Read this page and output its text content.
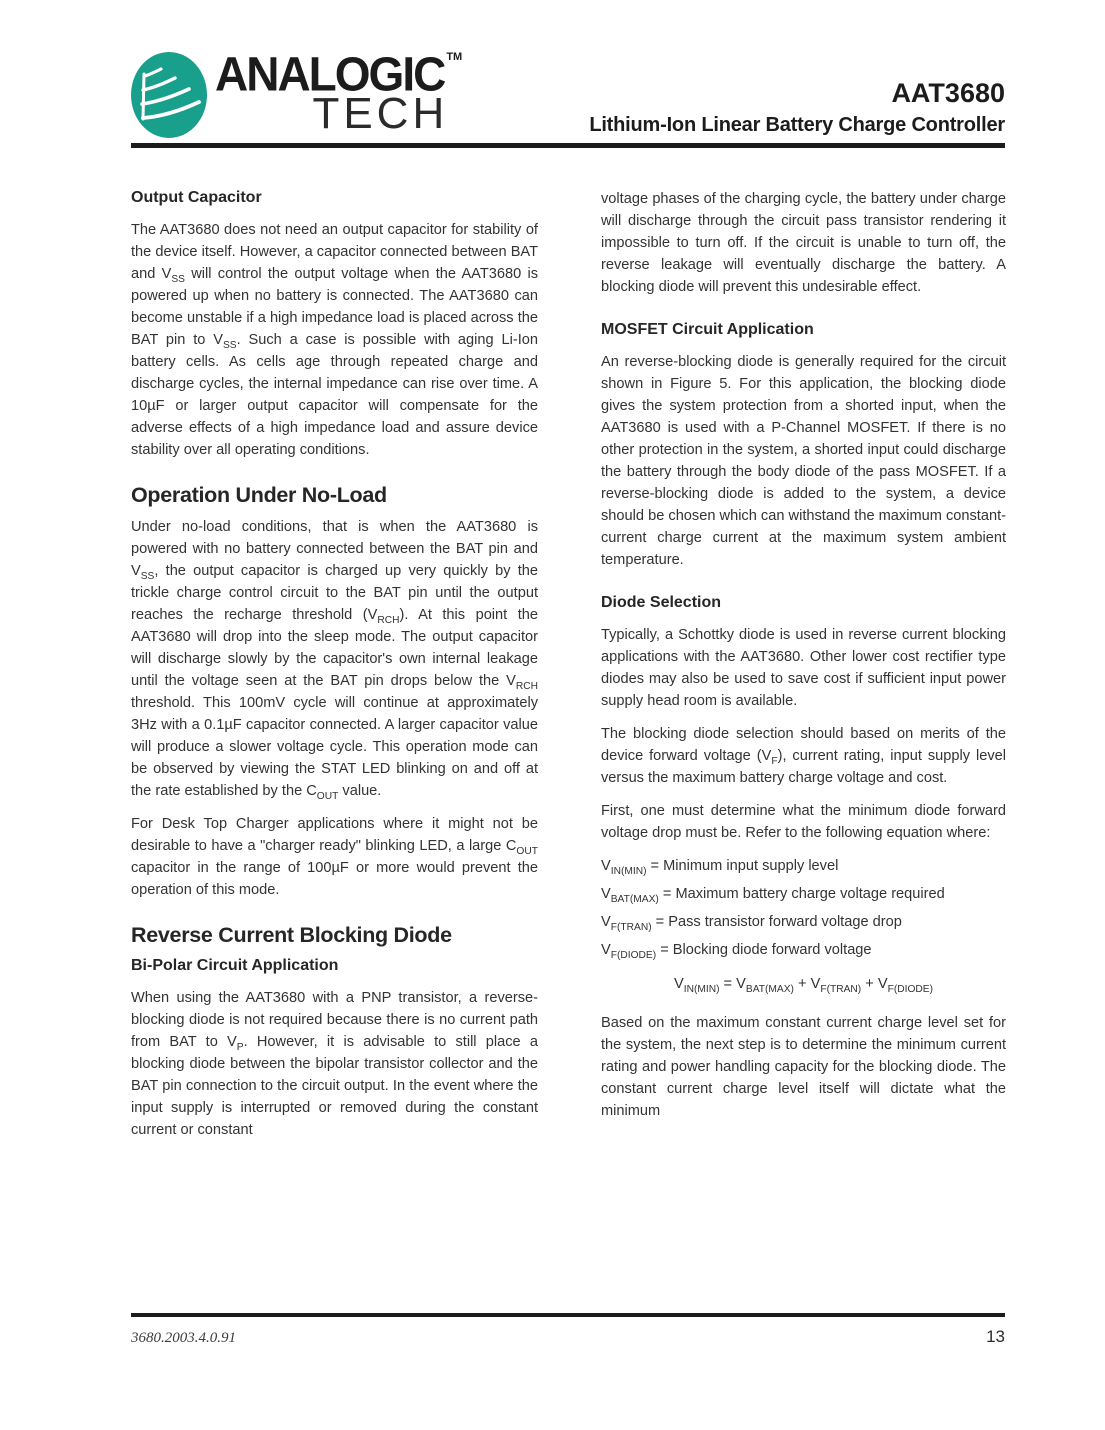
ANALOGIC TM
TECH	AAT3680
Lithium-Ion Linear Battery Charge Controller
Output Capacitor

The AAT3680 does not need an output capacitor for stability of the device itself. However, a capacitor connected between BAT and $V_{SS}$ will control the output voltage when the AAT3680 is powered up when no battery is connected. The AAT3680 can become unstable if a high impedance load is placed across the BAT pin to $V_{SS}$. Such a case is possible with aging Li-Ion battery cells. As cells age through repeated charge and discharge cycles, the internal impedance can rise over time. A 10µF or larger output capacitor will compensate for the adverse effects of a high impedance load and assure device stability over all operating conditions.

Operation Under No-Load

Under no-load conditions, that is when the AAT3680 is powered with no battery connected between the BAT pin and $V_{SS}$, the output capacitor is charged up very quickly by the trickle charge control circuit to the BAT pin until the output reaches the recharge threshold $(V_{RCH})$. At this point the AAT3680 will drop into the sleep mode. The output capacitor will discharge slowly by the capacitor's own internal leakage until the voltage seen at the BAT pin drops below the $V_{RCH}$ threshold. This 100mV cycle will continue at approximately 3Hz with a 0.1µF capacitor connected. A larger capacitor value will produce a slower voltage cycle. This operation mode can be observed by viewing the STAT LED blinking on and off at the rate established by the $C_{OUT}$ value.

For Desk Top Charger applications where it might not be desirable to have a "charger ready" blinking LED, a large $C_{OUT}$ capacitor in the range of 100µF or more would prevent the operation of this mode.

Reverse Current Blocking Diode
Bi-Polar Circuit Application

When using the AAT3680 with a PNP transistor, a reverse-blocking diode is not required because there is no current path from BAT to $V_P$. However, it is advisable to still place a blocking diode between the bipolar transistor collector and the BAT pin connection to the circuit output. In the event where the input supply is interrupted or removed during the constant current or constant

voltage phases of the charging cycle, the battery under charge will discharge through the circuit pass transistor rendering it impossible to turn off. If the circuit is unable to turn off, the reverse leakage will eventually discharge the battery. A blocking diode will prevent this undesirable effect.

MOSFET Circuit Application

An reverse-blocking diode is generally required for the circuit shown in Figure 5. For this application, the blocking diode gives the system protection from a shorted input, when the AAT3680 is used with a P-Channel MOSFET. If there is no other protection in the system, a shorted input could discharge the battery through the body diode of the pass MOSFET. If a reverse-blocking diode is added to the system, a device should be chosen which can withstand the maximum constant- current charge current at the maximum system ambient temperature.

Diode Selection

Typically, a Schottky diode is used in reverse current blocking applications with the AAT3680. Other lower cost rectifier type diodes may also be used to save cost if sufficient input power supply head room is available.

The blocking diode selection should based on merits of the device forward voltage $(V_F)$, current rating, input supply level versus the maximum battery charge voltage and cost.

First, one must determine what the minimum diode forward voltage drop must be. Refer to the following equation where:

$V_{IN(MIN)}$ = Minimum input supply level

$V_{BAT(MAX)}$ = Maximum battery charge voltage required

$V_{F(TRAN)}$ = Pass transistor forward voltage drop

$V_{F(DIODE)}$ = Blocking diode forward voltage

$V_{IN(MIN)} = V_{BAT(MAX)} + V_{F(TRAN)} + V_{F(DIODE)}$

Based on the maximum constant current charge level set for the system, the next step is to determine the minimum current rating and power handling capacity for the blocking diode. The constant current charge level itself will dictate what the minimum

3680.2003.4.0.91	13
